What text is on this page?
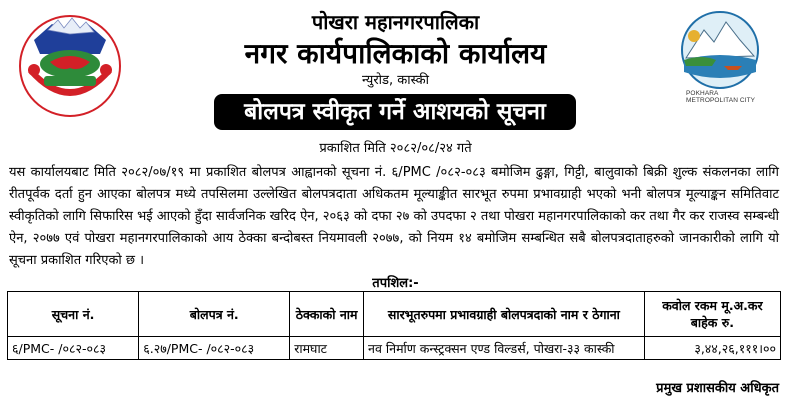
पोखरा महानगरपालिका
नगर कार्यपालिकाको कार्यालय
न्युरोड, कास्की
POKHARA METROPOLITAN CITY
बोलपत्र स्वीकृत गर्ने आशयको सूचना
प्रकाशित मिति २०८२/०८/२४ गते
यस कार्यालयबाट मिति २०८२/०७/१९ मा प्रकाशित बोलपत्र आह्वानको सूचना नं. ६/PMC /०८२-०८३ बमोजिम ढुङ्गा, गिट्टी, बालुवाको बिक्री शुल्क संकलनका लागि रीतपूर्वक दर्ता हुन आएका बोलपत्र मध्ये तपसिलमा उल्लेखित बोलपत्रदाता अधिकतम मूल्याङ्कीत सारभूत रुपमा प्रभावग्राही भएको भनी बोलपत्र मूल्याङ्कन समितिवाट स्वीकृतिको लागि सिफारिस भई आएको हुँदा सार्वजनिक खरिद ऐन, २०६३ को दफा २७ को उपदफा २ तथा पोखरा महानगरपालिकाको कर तथा गैर कर राजस्व सम्बन्धी ऐन, २०७७ एवं पोखरा महानगरपालिकाको आय ठेक्का बन्दोबस्त नियमावली २०७७, को नियम १४ बमोजिम सम्बन्धित सबै बोलपत्रदाताहरुको जानकारीको लागि यो सूचना प्रकाशित गरिएको छ ।
तपशिल:-
सूचना नं.	बोलपत्र नं.	ठेक्काको नाम	सारभूतरुपमा प्रभावग्राही बोलपत्रदाको नाम र ठेगाना	कवोल रकम मू.अ.कर बाहेक रु.
६/PMC- /०८२-०८३	६.२७/PMC- /०८२-०८३	रामघाट	नव निर्माण कन्स्ट्रक्सन एण्ड विल्डर्स, पोखरा-३३ कास्की	३,४४,२६,१११।००
प्रमुख प्रशासकीय अधिकृत
